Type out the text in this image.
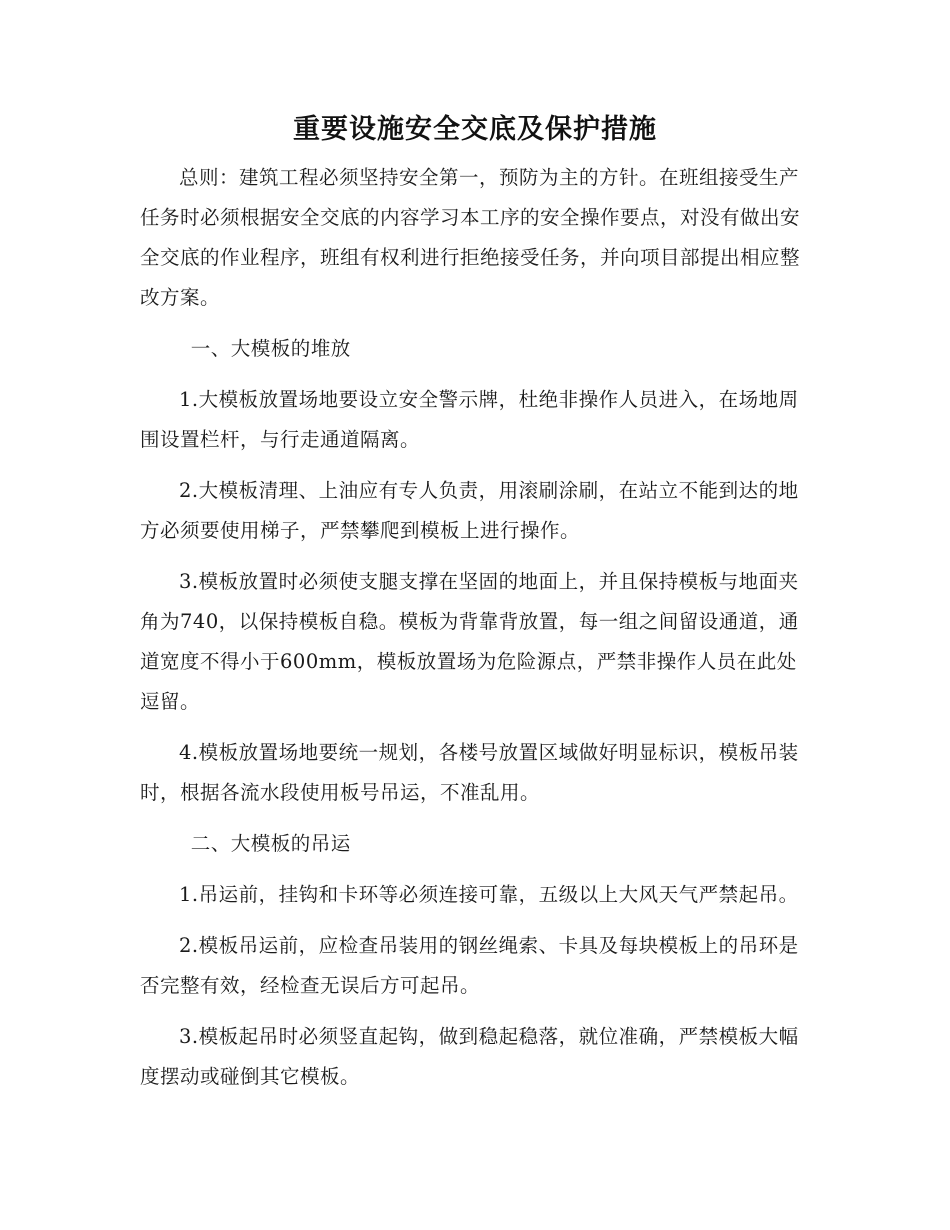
重要设施安全交底及保护措施

总则：建筑工程必须坚持安全第一，预防为主的方针。在班组接受生产任务时必须根据安全交底的内容学习本工序的安全操作要点，对没有做出安全交底的作业程序，班组有权利进行拒绝接受任务，并向项目部提出相应整改方案。

一、大模板的堆放

1.大模板放置场地要设立安全警示牌，杜绝非操作人员进入，在场地周围设置栏杆，与行走通道隔离。

2.大模板清理、上油应有专人负责，用滚刷涂刷，在站立不能到达的地方必须要使用梯子，严禁攀爬到模板上进行操作。

3.模板放置时必须使支腿支撑在坚固的地面上，并且保持模板与地面夹角为740，以保持模板自稳。模板为背靠背放置，每一组之间留设通道，通道宽度不得小于600mm，模板放置场为危险源点，严禁非操作人员在此处逗留。

4.模板放置场地要统一规划，各楼号放置区域做好明显标识，模板吊装时，根据各流水段使用板号吊运，不准乱用。

二、大模板的吊运

1.吊运前，挂钩和卡环等必须连接可靠，五级以上大风天气严禁起吊。

2.模板吊运前，应检查吊装用的钢丝绳索、卡具及每块模板上的吊环是否完整有效，经检查无误后方可起吊。

3.模板起吊时必须竖直起钩，做到稳起稳落，就位准确，严禁模板大幅度摆动或碰倒其它模板。
